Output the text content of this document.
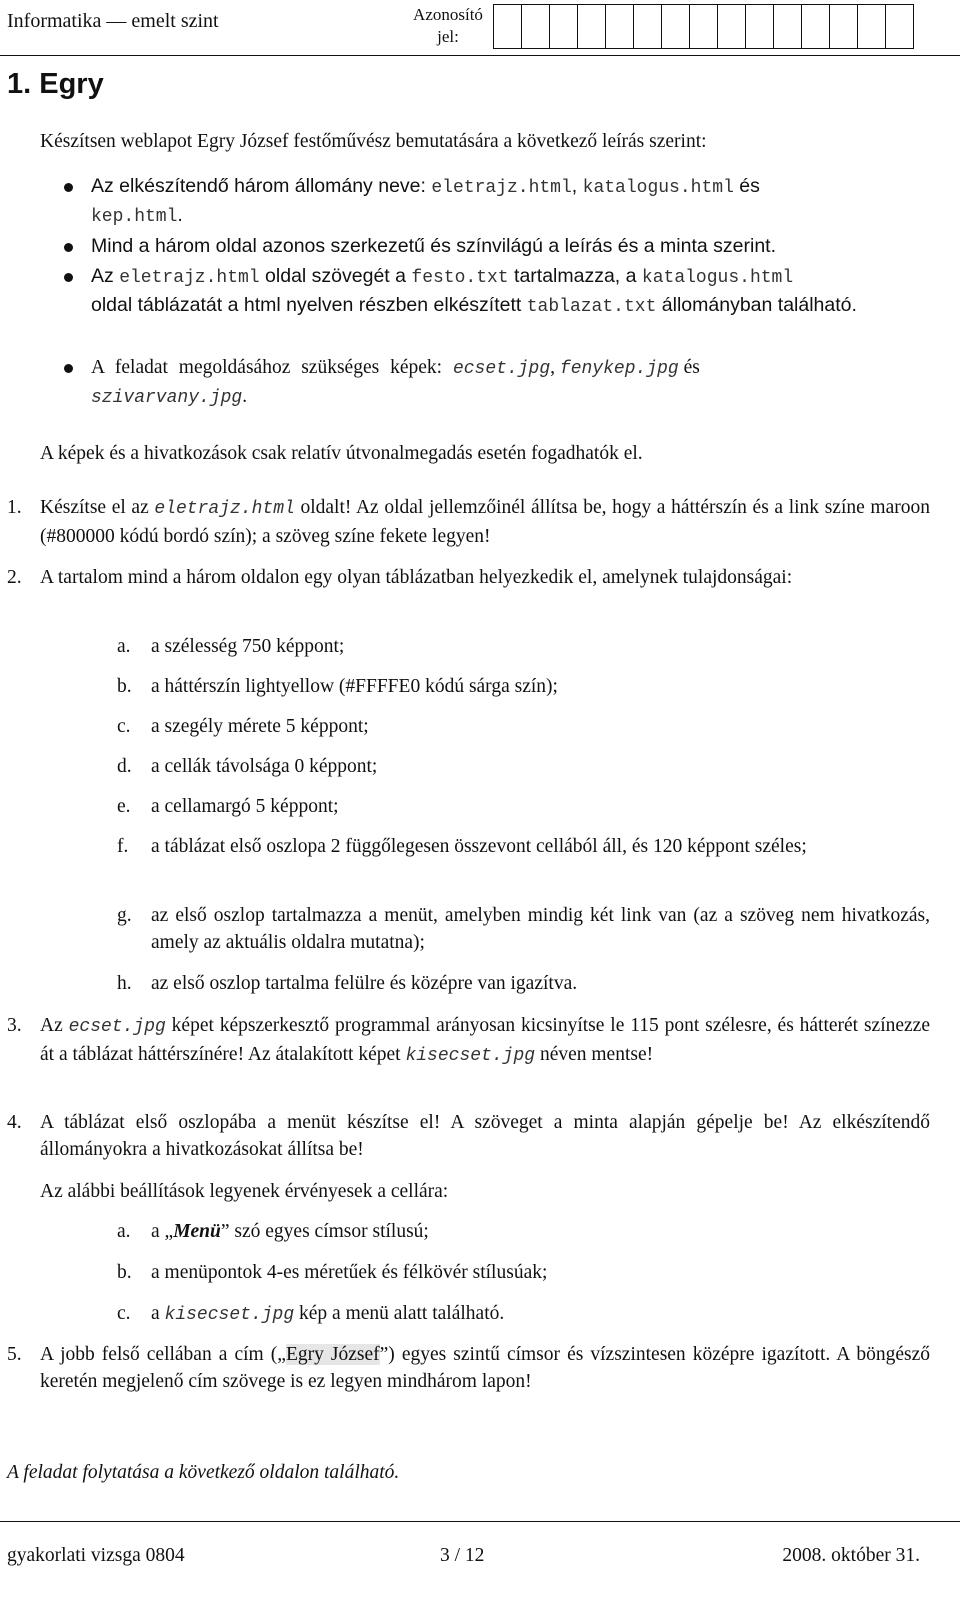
Informatika — emelt szint	Azonosító jel:
1. Egry
Készítsen weblapot Egry József festőművész bemutatására a következő leírás szerint:
Az elkészítendő három állomány neve: eletrajz.html, katalogus.html és
kep.html.
Mind a három oldal azonos szerkezetű és színvilágú a leírás és a minta szerint.
Az eletrajz.html oldal szövegét a festo.txt tartalmazza, a katalogus.html
oldal táblázatát a html nyelven részben elkészített tablazat.txt állományban található.
A feladat megoldásához szükséges képek: ecset.jpg, fenykep.jpg és
szivarvany.jpg.
A képek és a hivatkozások csak relatív útvonalmegadás esetén fogadhatók el.
1. Készítse el az eletrajz.html oldalt! Az oldal jellemzőinél állítsa be, hogy a háttérszín és a link színe maroon (#800000 kódú bordó szín); a szöveg színe fekete legyen!
2. A tartalom mind a három oldalon egy olyan táblázatban helyezkedik el, amelynek tulajdonságai:
a. a szélesség 750 képpont;
b. a háttérszín lightyellow (#FFFFE0 kódú sárga szín);
c. a szegély mérete 5 képpont;
d. a cellák távolsága 0 képpont;
e. a cellamargó 5 képpont;
f. a táblázat első oszlopa 2 függőlegesen összevont cellából áll, és 120 képpont széles;
g. az első oszlop tartalmazza a menüt, amelyben mindig két link van (az a szöveg nem hivatkozás, amely az aktuális oldalra mutatna);
h. az első oszlop tartalma felülre és középre van igazítva.
3. Az ecset.jpg képet képszerkesztő programmal arányosan kicsinyítse le 115 pont szélesre, és hátterét színezze át a táblázat háttérszínére! Az átalakított képet kisecset.jpg néven mentse!
4. A táblázat első oszlopába a menüt készítse el! A szöveget a minta alapján gépelje be! Az elkészítendő állományokra a hivatkozásokat állítsa be!
Az alábbi beállítások legyenek érvényesek a cellára:
a. a „Menü” szó egyes címsor stílusú;
b. a menüpontok 4-es méretűek és félkövér stílusúak;
c. a kisecset.jpg kép a menü alatt található.
5. A jobb felső cellában a cím („Egry József”) egyes szintű címsor és vízszintesen középre igazított. A böngésző keretén megjelenő cím szövege is ez legyen mindhárom lapon!
A feladat folytatása a következő oldalon található.
gyakorlati vizsga 0804	3 / 12	2008. október 31.
